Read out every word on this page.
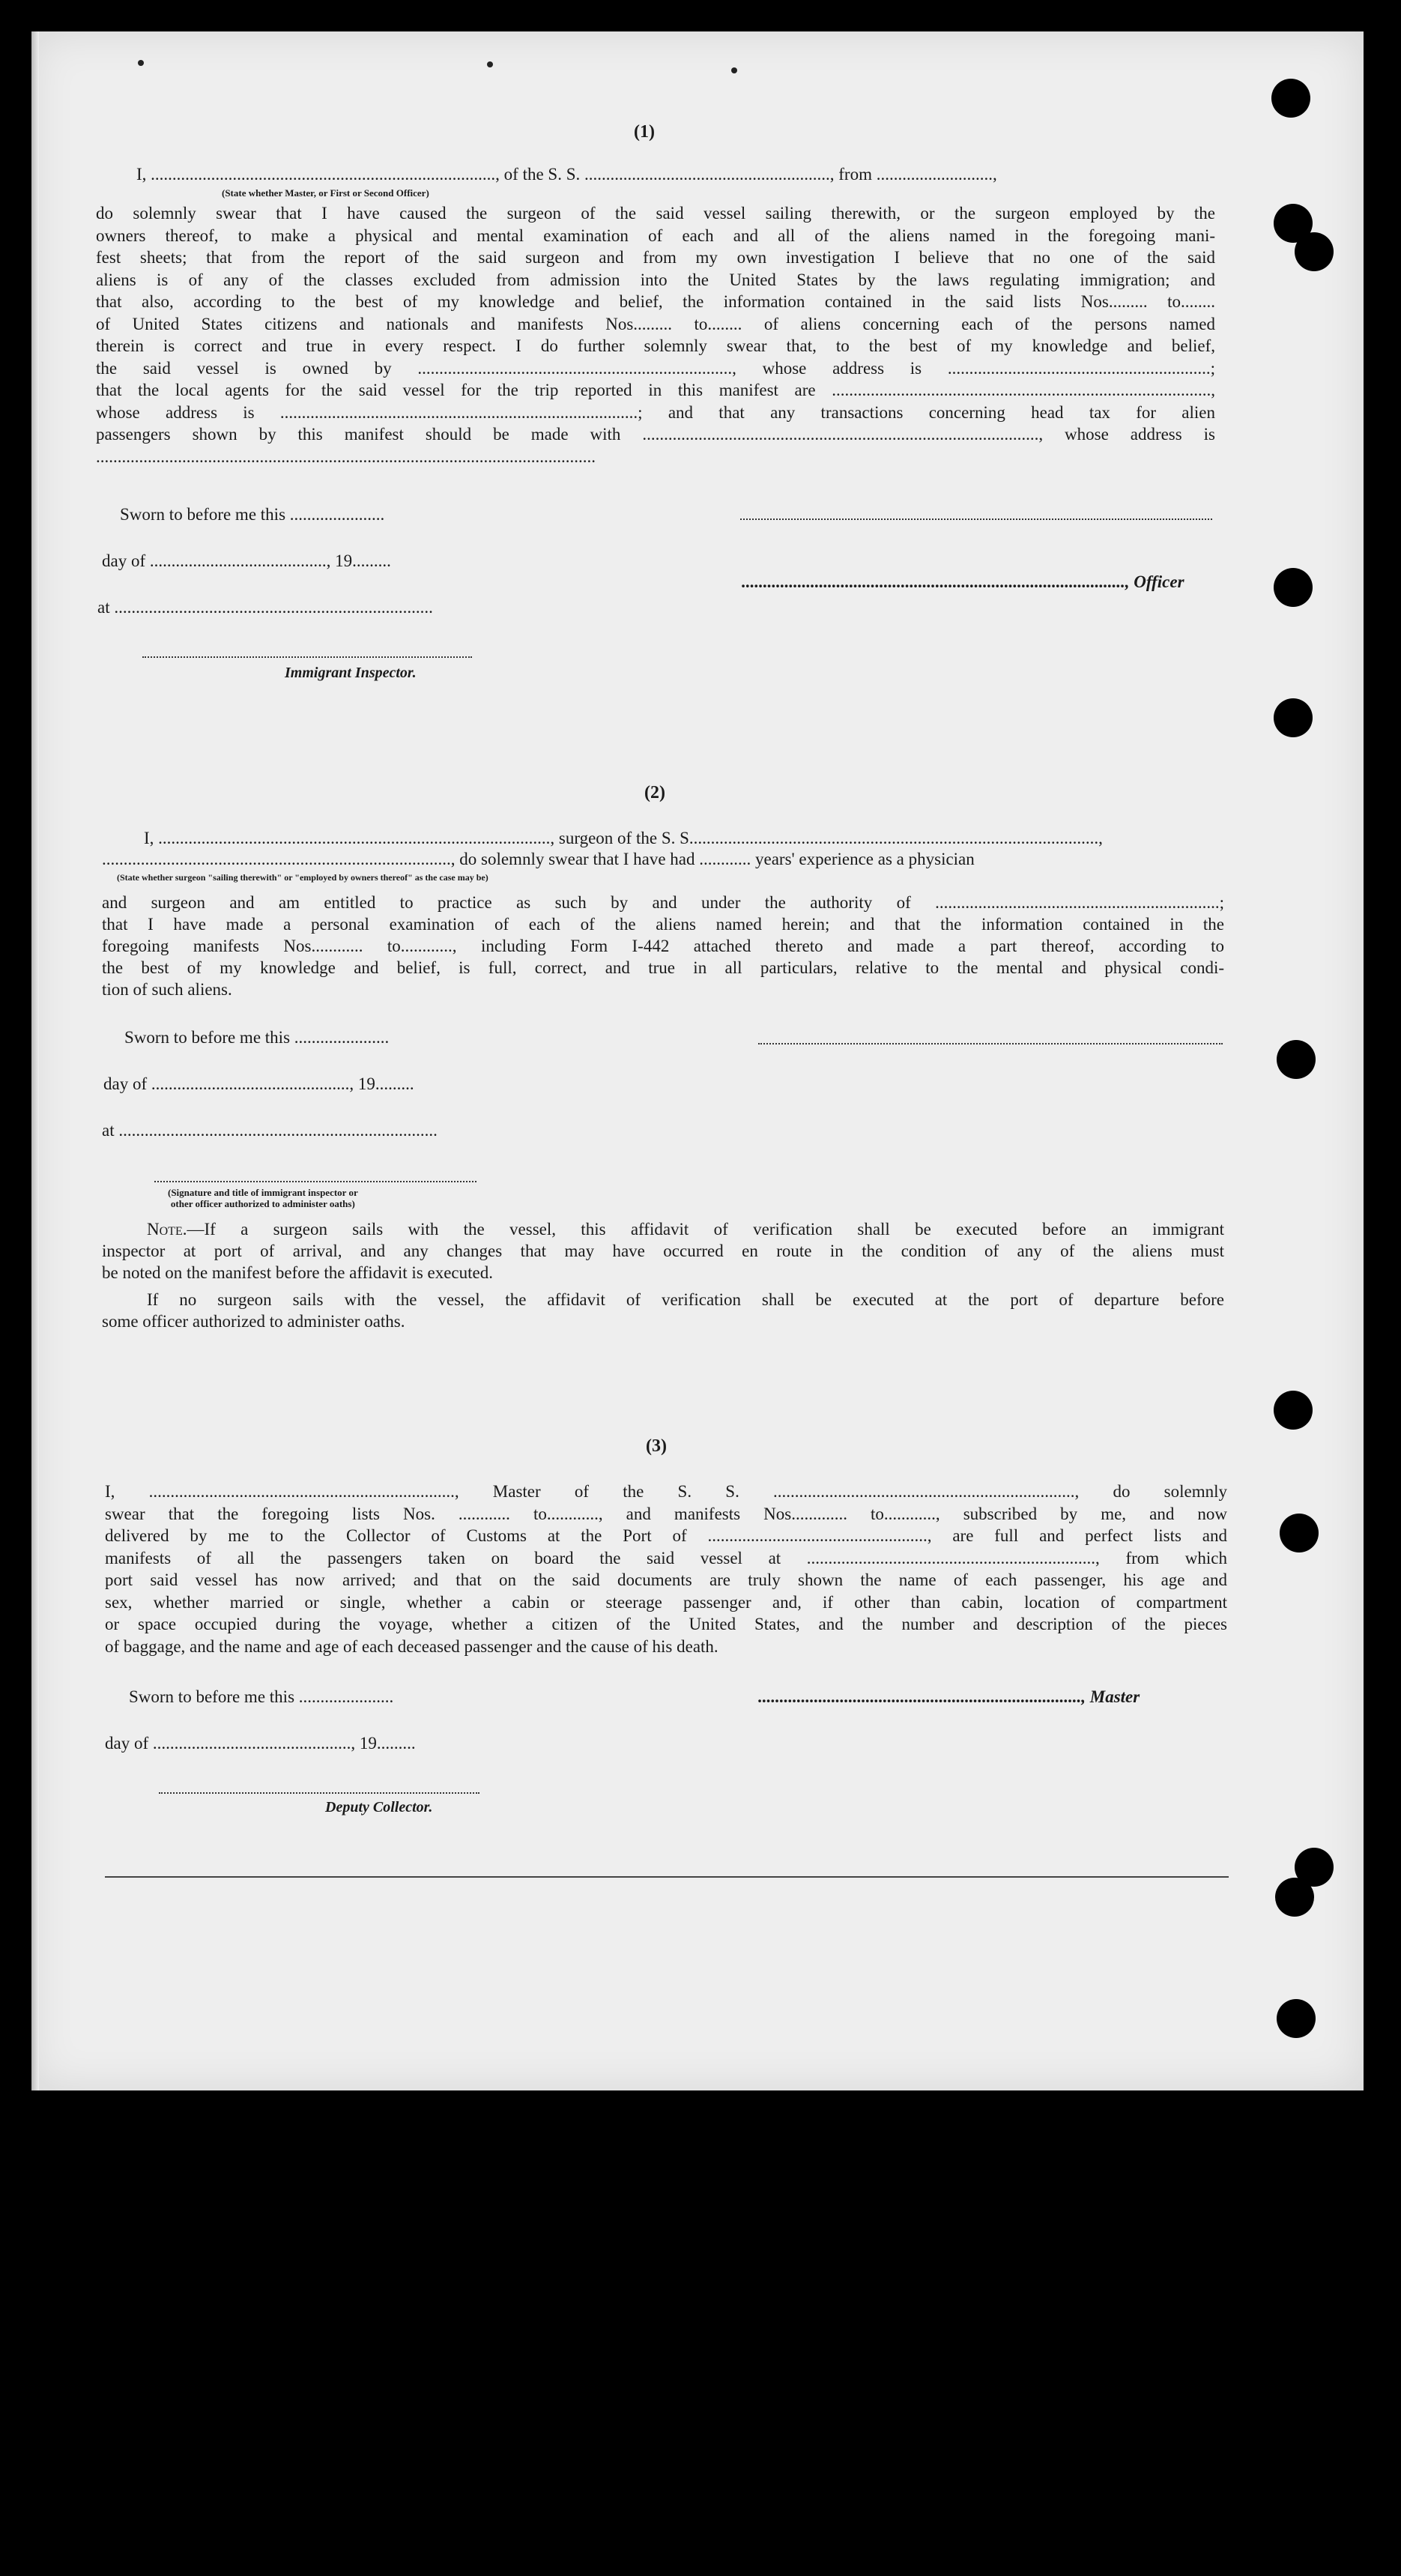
(1)
I, ................................................................................, of the S. S. ........................................................., from ...........................,
(State whether Master, or First or Second Officer)
do solemnly swear that I have caused the surgeon of the said vessel sailing therewith, or the surgeon employed by the
owners thereof, to make a physical and mental examination of each and all of the aliens named in the foregoing mani-
fest sheets; that from the report of the said surgeon and from my own investigation I believe that no one of the said
aliens is of any of the classes excluded from admission into the United States by the laws regulating immigration; and
that also, according to the best of my knowledge and belief, the information contained in the said lists Nos......... to........
of United States citizens and nationals and manifests Nos......... to........ of aliens concerning each of the persons named
therein is correct and true in every respect. I do further solemnly swear that, to the best of my knowledge and belief,
the said vessel is owned by ........................................................................., whose address is .............................................................;
that the local agents for the said vessel for the trip reported in this manifest are ........................................................................................,
whose address is ...................................................................................; and that any transactions concerning head tax for alien
passengers shown by this manifest should be made with ............................................................................................, whose address is
....................................................................................................................
Sworn to before me this ......................
day of ........................................., 19.........
........................................................................................., Officer
at ..........................................................................
Immigrant Inspector.
(2)
I, ..........................................................................................., surgeon of the S. S...............................................................................................,
................................................................................., do solemnly swear that I have had ............ years' experience as a physician
(State whether surgeon "sailing therewith" or "employed by owners thereof" as the case may be)
and surgeon and am entitled to practice as such by and under the authority of ..................................................................;
that I have made a personal examination of each of the aliens named herein; and that the information contained in the
foregoing manifests Nos............ to............, including Form I-442 attached thereto and made a part thereof, according to
the best of my knowledge and belief, is full, correct, and true in all particulars, relative to the mental and physical condi-
tion of such aliens.
Sworn to before me this ......................
day of .............................................., 19.........
at ..........................................................................
(Signature and title of immigrant inspector or
other officer authorized to administer oaths)
Note.—If a surgeon sails with the vessel, this affidavit of verification shall be executed before an immigrant
inspector at port of arrival, and any changes that may have occurred en route in the condition of any of the aliens must
be noted on the manifest before the affidavit is executed.
If no surgeon sails with the vessel, the affidavit of verification shall be executed at the port of departure before
some officer authorized to administer oaths.
(3)
I, ......................................................................., Master of the S. S. ......................................................................, do solemnly
swear that the foregoing lists Nos. ............ to............, and manifests Nos............. to............, subscribed by me, and now
delivered by me to the Collector of Customs at the Port of ..................................................., are full and perfect lists and
manifests of all the passengers taken on board the said vessel at ..................................................................., from which
port said vessel has now arrived; and that on the said documents are truly shown the name of each passenger, his age and
sex, whether married or single, whether a cabin or steerage passenger and, if other than cabin, location of compartment
or space occupied during the voyage, whether a citizen of the United States, and the number and description of the pieces
of baggage, and the name and age of each deceased passenger and the cause of his death.
Sworn to before me this ......................	..........................................................................., Master
day of .............................................., 19.........
Deputy Collector.
